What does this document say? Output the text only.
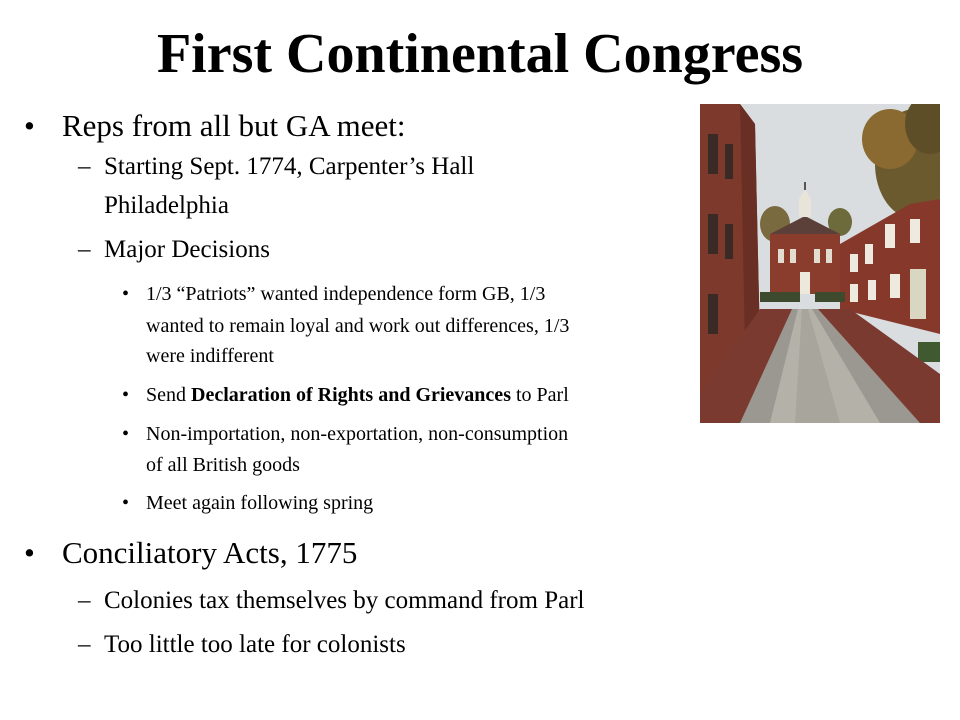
First Continental Congress
• Reps from all but GA meet:
– Starting Sept. 1774, Carpenter’s Hall
Philadelphia
– Major Decisions
• 1/3 “Patriots” wanted independence form GB, 1/3
wanted to remain loyal and work out differences, 1/3
were indifferent
• Send Declaration of Rights and Grievances to Parl
• Non-importation, non-exportation, non-consumption
of all British goods
• Meet again following spring
• Conciliatory Acts, 1775
– Colonies tax themselves by command from Parl
– Too little too late for colonists
